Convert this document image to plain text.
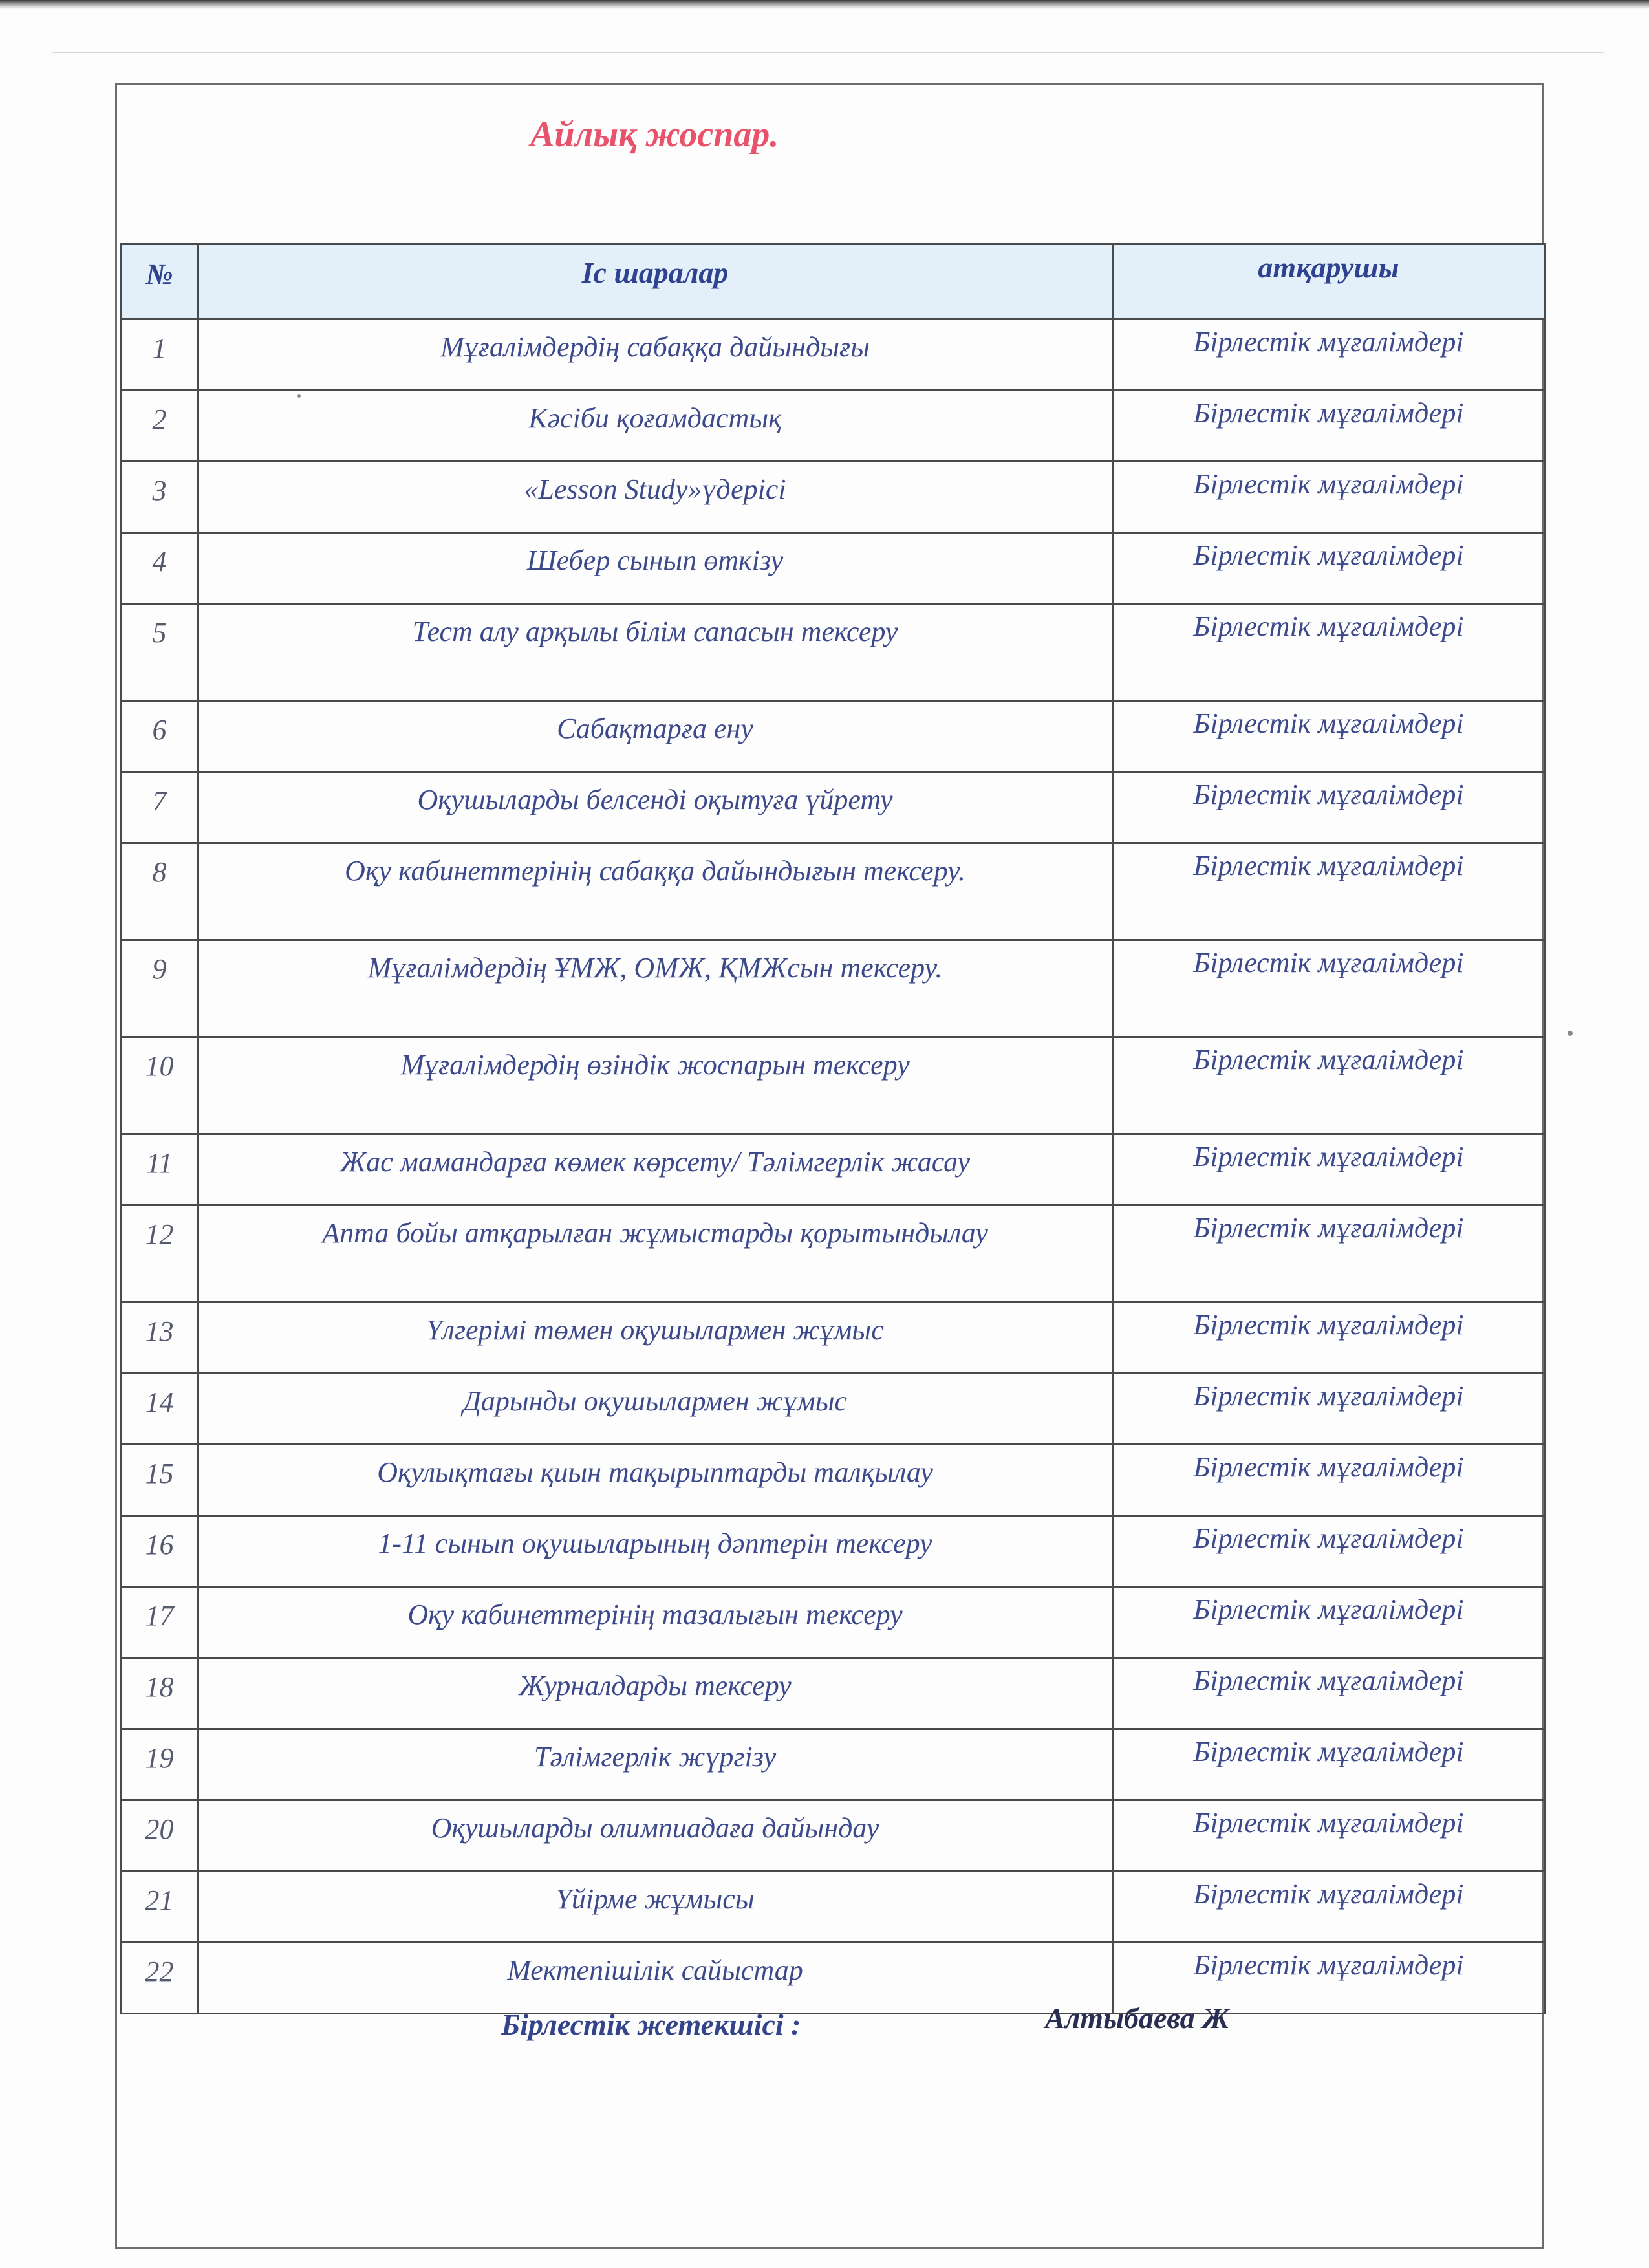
Айлық жоспар.
№	Іс шаралар	атқарушы
1	Мұғалімдердің сабаққа дайындығы	Бірлестік мұғалімдері
2	Кәсіби қоғамдастық	Бірлестік мұғалімдері
3	«Lesson Study»үдерісі	Бірлестік мұғалімдері
4	Шебер сынып өткізу	Бірлестік мұғалімдері
5	Тест алу арқылы білім сапасын тексеру	Бірлестік мұғалімдері
6	Сабақтарға ену	Бірлестік мұғалімдері
7	Оқушыларды белсенді оқытуға үйрету	Бірлестік мұғалімдері
8	Оқу кабинеттерінің сабаққа дайындығын тексеру.	Бірлестік мұғалімдері
9	Мұғалімдердің ҰМЖ, ОМЖ, ҚМЖсын тексеру.	Бірлестік мұғалімдері
10	Мұғалімдердің өзіндік жоспарын тексеру	Бірлестік мұғалімдері
11	Жас мамандарға көмек көрсету/ Тәлімгерлік жасау	Бірлестік мұғалімдері
12	Апта бойы атқарылған жұмыстарды қорытындылау	Бірлестік мұғалімдері
13	Үлгерімі төмен оқушылармен жұмыс	Бірлестік мұғалімдері
14	Дарынды оқушылармен жұмыс	Бірлестік мұғалімдері
15	Оқулықтағы қиын тақырыптарды талқылау	Бірлестік мұғалімдері
16	1-11 сынып оқушыларының дәптерін тексеру	Бірлестік мұғалімдері
17	Оқу кабинеттерінің тазалығын тексеру	Бірлестік мұғалімдері
18	Журналдарды тексеру	Бірлестік мұғалімдері
19	Тәлімгерлік жүргізу	Бірлестік мұғалімдері
20	Оқушыларды олимпиадаға дайындау	Бірлестік мұғалімдері
21	Үйірме жұмысы	Бірлестік мұғалімдері
22	Мектепішілік сайыстар	Бірлестік мұғалімдері
Бірлестік жетекшісі :	Алтыбаева Ж
